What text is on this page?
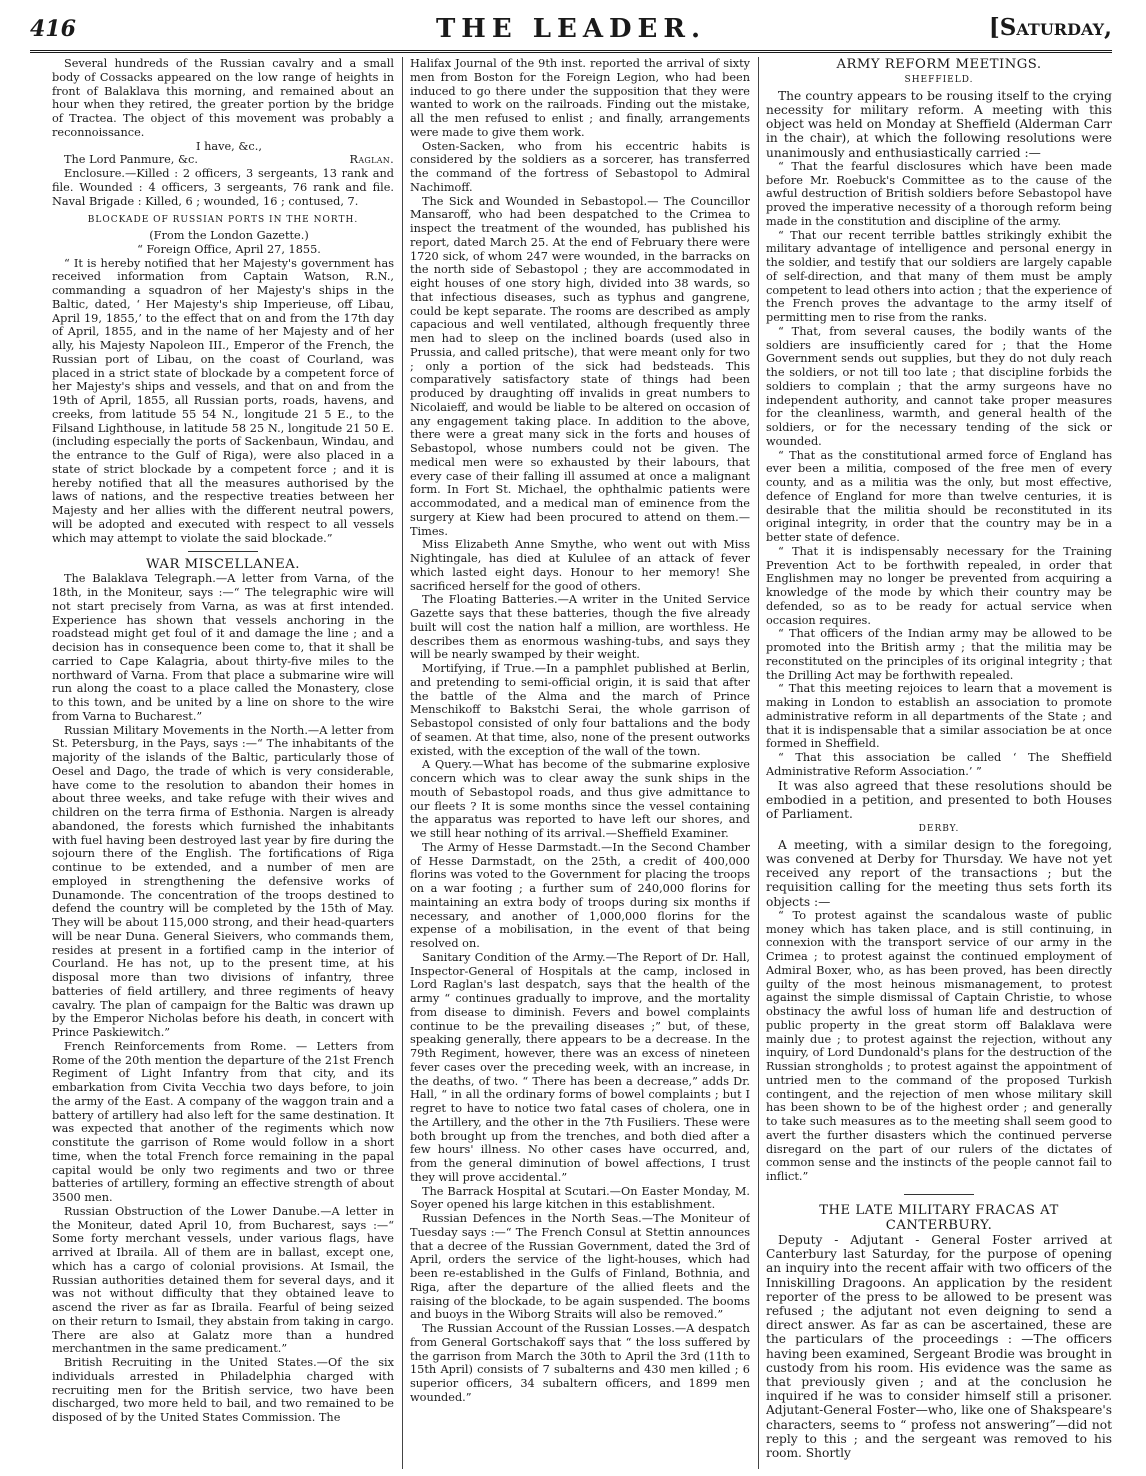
416	THE LEADER.	[Saturday,

Several hundreds of the Russian cavalry and a small body of Cossacks appeared on the low range of heights in front of Balaklava this morning, and remained about an hour when they retired, the greater portion by the bridge of Tractea. The object of this movement was probably a reconnoissance.

I have, &c.,

The Lord Panmure, &c.	Raglan.

Enclosure.—Killed : 2 officers, 3 sergeants, 13 rank and file. Wounded : 4 officers, 3 sergeants, 76 rank and file. Naval Brigade : Killed, 6 ; wounded, 16 ; contused, 7.

BLOCKADE OF RUSSIAN PORTS IN THE NORTH.

(From the London Gazette.)

“ Foreign Office, April 27, 1855.

“ It is hereby notified that her Majesty's government has received information from Captain Watson, R.N., commanding a squadron of her Majesty's ships in the Baltic, dated, ‘ Her Majesty's ship Imperieuse, off Libau, April 19, 1855,’ to the effect that on and from the 17th day of April, 1855, and in the name of her Majesty and of her ally, his Majesty Napoleon III., Emperor of the French, the Russian port of Libau, on the coast of Courland, was placed in a strict state of blockade by a competent force of her Majesty's ships and vessels, and that on and from the 19th of April, 1855, all Russian ports, roads, havens, and creeks, from latitude 55 54 N., longitude 21 5 E., to the Filsand Lighthouse, in latitude 58 25 N., longitude 21 50 E. (including especially the ports of Sackenbaun, Windau, and the entrance to the Gulf of Riga), were also placed in a state of strict blockade by a competent force ; and it is hereby notified that all the measures authorised by the laws of nations, and the respective treaties between her Majesty and her allies with the different neutral powers, will be adopted and executed with respect to all vessels which may attempt to violate the said blockade.”

WAR MISCELLANEA.

The Balaklava Telegraph.—A letter from Varna, of the 18th, in the Moniteur, says :—“ The telegraphic wire will not start precisely from Varna, as was at first intended. Experience has shown that vessels anchoring in the roadstead might get foul of it and damage the line ; and a decision has in consequence been come to, that it shall be carried to Cape Kalagria, about thirty-five miles to the northward of Varna. From that place a submarine wire will run along the coast to a place called the Monastery, close to this town, and be united by a line on shore to the wire from Varna to Bucharest.”

Russian Military Movements in the North.—A letter from St. Petersburg, in the Pays, says :—“ The inhabitants of the majority of the islands of the Baltic, particularly those of Oesel and Dago, the trade of which is very considerable, have come to the resolution to abandon their homes in about three weeks, and take refuge with their wives and children on the terra firma of Esthonia. Nargen is already abandoned, the forests which furnished the inhabitants with fuel having been destroyed last year by fire during the sojourn there of the English. The fortifications of Riga continue to be extended, and a number of men are employed in strengthening the defensive works of Dunamonde. The concentration of the troops destined to defend the country will be completed by the 15th of May. They will be about 115,000 strong, and their head-quarters will be near Duna. General Sieivers, who commands them, resides at present in a fortified camp in the interior of Courland. He has not, up to the present time, at his disposal more than two divisions of infantry, three batteries of field artillery, and three regiments of heavy cavalry. The plan of campaign for the Baltic was drawn up by the Emperor Nicholas before his death, in concert with Prince Paskiewitch.”

French Reinforcements from Rome. — Letters from Rome of the 20th mention the departure of the 21st French Regiment of Light Infantry from that city, and its embarkation from Civita Vecchia two days before, to join the army of the East. A company of the waggon train and a battery of artillery had also left for the same destination. It was expected that another of the regiments which now constitute the garrison of Rome would follow in a short time, when the total French force remaining in the papal capital would be only two regiments and two or three batteries of artillery, forming an effective strength of about 3500 men.

Russian Obstruction of the Lower Danube.—A letter in the Moniteur, dated April 10, from Bucharest, says :—“ Some forty merchant vessels, under various flags, have arrived at Ibraila. All of them are in ballast, except one, which has a cargo of colonial provisions. At Ismail, the Russian authorities detained them for several days, and it was not without difficulty that they obtained leave to ascend the river as far as Ibraila. Fearful of being seized on their return to Ismail, they abstain from taking in cargo. There are also at Galatz more than a hundred merchantmen in the same predicament.”

British Recruiting in the United States.—Of the six individuals arrested in Philadelphia charged with recruiting men for the British service, two have been discharged, two more held to bail, and two remained to be disposed of by the United States Commission. The

Halifax Journal of the 9th inst. reported the arrival of sixty men from Boston for the Foreign Legion, who had been induced to go there under the supposition that they were wanted to work on the railroads. Finding out the mistake, all the men refused to enlist ; and finally, arrangements were made to give them work.

Osten-Sacken, who from his eccentric habits is considered by the soldiers as a sorcerer, has transferred the command of the fortress of Sebastopol to Admiral Nachimoff.

The Sick and Wounded in Sebastopol.— The Councillor Mansaroff, who had been despatched to the Crimea to inspect the treatment of the wounded, has published his report, dated March 25. At the end of February there were 1720 sick, of whom 247 were wounded, in the barracks on the north side of Sebastopol ; they are accommodated in eight houses of one story high, divided into 38 wards, so that infectious diseases, such as typhus and gangrene, could be kept separate. The rooms are described as amply capacious and well ventilated, although frequently three men had to sleep on the inclined boards (used also in Prussia, and called pritsche), that were meant only for two ; only a portion of the sick had bedsteads. This comparatively satisfactory state of things had been produced by draughting off invalids in great numbers to Nicolaieff, and would be liable to be altered on occasion of any engagement taking place. In addition to the above, there were a great many sick in the forts and houses of Sebastopol, whose numbers could not be given. The medical men were so exhausted by their labours, that every case of their falling ill assumed at once a malignant form. In Fort St. Michael, the ophthalmic patients were accommodated, and a medical man of eminence from the surgery at Kiew had been procured to attend on them.—Times.

Miss Elizabeth Anne Smythe, who went out with Miss Nightingale, has died at Kululee of an attack of fever which lasted eight days. Honour to her memory! She sacrificed herself for the good of others.

The Floating Batteries.—A writer in the United Service Gazette says that these batteries, though the five already built will cost the nation half a million, are worthless. He describes them as enormous washing-tubs, and says they will be nearly swamped by their weight.

Mortifying, if True.—In a pamphlet published at Berlin, and pretending to semi-official origin, it is said that after the battle of the Alma and the march of Prince Menschikoff to Bakstchi Serai, the whole garrison of Sebastopol consisted of only four battalions and the body of seamen. At that time, also, none of the present outworks existed, with the exception of the wall of the town.

A Query.—What has become of the submarine explosive concern which was to clear away the sunk ships in the mouth of Sebastopol roads, and thus give admittance to our fleets ? It is some months since the vessel containing the apparatus was reported to have left our shores, and we still hear nothing of its arrival.—Sheffield Examiner.

The Army of Hesse Darmstadt.—In the Second Chamber of Hesse Darmstadt, on the 25th, a credit of 400,000 florins was voted to the Government for placing the troops on a war footing ; a further sum of 240,000 florins for maintaining an extra body of troops during six months if necessary, and another of 1,000,000 florins for the expense of a mobilisation, in the event of that being resolved on.

Sanitary Condition of the Army.—The Report of Dr. Hall, Inspector-General of Hospitals at the camp, inclosed in Lord Raglan's last despatch, says that the health of the army “ continues gradually to improve, and the mortality from disease to diminish. Fevers and bowel complaints continue to be the prevailing diseases ;” but, of these, speaking generally, there appears to be a decrease. In the 79th Regiment, however, there was an excess of nineteen fever cases over the preceding week, with an increase, in the deaths, of two. “ There has been a decrease,” adds Dr. Hall, “ in all the ordinary forms of bowel complaints ; but I regret to have to notice two fatal cases of cholera, one in the Artillery, and the other in the 7th Fusiliers. These were both brought up from the trenches, and both died after a few hours' illness. No other cases have occurred, and, from the general diminution of bowel affections, I trust they will prove accidental.”

The Barrack Hospital at Scutari.—On Easter Monday, M. Soyer opened his large kitchen in this establishment.

Russian Defences in the North Seas.—The Moniteur of Tuesday says :—“ The French Consul at Stettin announces that a decree of the Russian Government, dated the 3rd of April, orders the service of the light-houses, which had been re-established in the Gulfs of Finland, Bothnia, and Riga, after the departure of the allied fleets and the raising of the blockade, to be again suspended. The booms and buoys in the Wiborg Straits will also be removed.”

The Russian Account of the Russian Losses.—A despatch from General Gortschakoff says that “ the loss suffered by the garrison from March the 30th to April the 3rd (11th to 15th April) consists of 7 subalterns and 430 men killed ; 6 superior officers, 34 subaltern officers, and 1899 men wounded.”

ARMY REFORM MEETINGS.
SHEFFIELD.

The country appears to be rousing itself to the crying necessity for military reform. A meeting with this object was held on Monday at Sheffield (Alderman Carr in the chair), at which the following resolutions were unanimously and enthusiastically carried :—

“ That the fearful disclosures which have been made before Mr. Roebuck's Committee as to the cause of the awful destruction of British soldiers before Sebastopol have proved the imperative necessity of a thorough reform being made in the constitution and discipline of the army.

“ That our recent terrible battles strikingly exhibit the military advantage of intelligence and personal energy in the soldier, and testify that our soldiers are largely capable of self-direction, and that many of them must be amply competent to lead others into action ; that the experience of the French proves the advantage to the army itself of permitting men to rise from the ranks.

“ That, from several causes, the bodily wants of the soldiers are insufficiently cared for ; that the Home Government sends out supplies, but they do not duly reach the soldiers, or not till too late ; that discipline forbids the soldiers to complain ; that the army surgeons have no independent authority, and cannot take proper measures for the cleanliness, warmth, and general health of the soldiers, or for the necessary tending of the sick or wounded.

“ That as the constitutional armed force of England has ever been a militia, composed of the free men of every county, and as a militia was the only, but most effective, defence of England for more than twelve centuries, it is desirable that the militia should be reconstituted in its original integrity, in order that the country may be in a better state of defence.

“ That it is indispensably necessary for the Training Prevention Act to be forthwith repealed, in order that Englishmen may no longer be prevented from acquiring a knowledge of the mode by which their country may be defended, so as to be ready for actual service when occasion requires.

“ That officers of the Indian army may be allowed to be promoted into the British army ; that the militia may be reconstituted on the principles of its original integrity ; that the Drilling Act may be forthwith repealed.

“ That this meeting rejoices to learn that a movement is making in London to establish an association to promote administrative reform in all departments of the State ; and that it is indispensable that a similar association be at once formed in Sheffield.

“ That this association be called ‘ The Sheffield Administrative Reform Association.’ ”

It was also agreed that these resolutions should be embodied in a petition, and presented to both Houses of Parliament.

DERBY.

A meeting, with a similar design to the foregoing, was convened at Derby for Thursday. We have not yet received any report of the transactions ; but the requisition calling for the meeting thus sets forth its objects :—

“ To protest against the scandalous waste of public money which has taken place, and is still continuing, in connexion with the transport service of our army in the Crimea ; to protest against the continued employment of Admiral Boxer, who, as has been proved, has been directly guilty of the most heinous mismanagement, to protest against the simple dismissal of Captain Christie, to whose obstinacy the awful loss of human life and destruction of public property in the great storm off Balaklava were mainly due ; to protest against the rejection, without any inquiry, of Lord Dundonald's plans for the destruction of the Russian strongholds ; to protest against the appointment of untried men to the command of the proposed Turkish contingent, and the rejection of men whose military skill has been shown to be of the highest order ; and generally to take such measures as to the meeting shall seem good to avert the further disasters which the continued perverse disregard on the part of our rulers of the dictates of common sense and the instincts of the people cannot fail to inflict.”

THE LATE MILITARY FRACAS AT CANTERBURY.

Deputy - Adjutant - General Foster arrived at Canterbury last Saturday, for the purpose of opening an inquiry into the recent affair with two officers of the Inniskilling Dragoons. An application by the resident reporter of the press to be allowed to be present was refused ; the adjutant not even deigning to send a direct answer. As far as can be ascertained, these are the particulars of the proceedings : —The officers having been examined, Sergeant Brodie was brought in custody from his room. His evidence was the same as that previously given ; and at the conclusion he inquired if he was to consider himself still a prisoner. Adjutant-General Foster—who, like one of Shakspeare's characters, seems to “ profess not answering”—did not reply to this ; and the sergeant was removed to his room. Shortly
